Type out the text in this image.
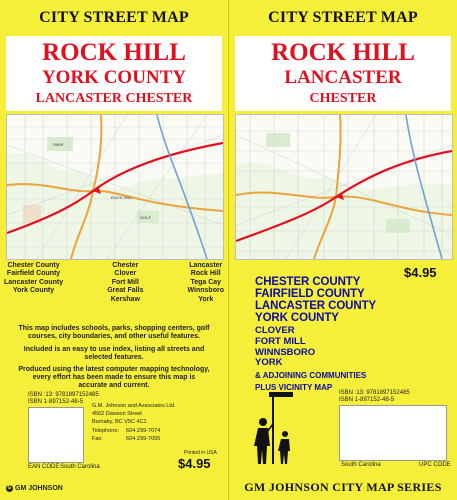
CITY STREET MAP
ROCK HILL
YORK COUNTY
LANCASTER CHESTER
PARK
GOLF
ROCK HILL
Chester County
Fairfield County
Lancaster County
York County
Chester
Clover
Fort Mill
Great Falls
Kershaw
Lancaster
Rock Hill
Tega Cay
Winnsboro
York
This map includes schools, parks, shopping centers, golf courses, city boundaries, and other useful features.
Included is an easy to use index, listing all streets and selected features.
Produced using the latest computer mapping technology, every effort has been made to ensure this map is accurate and current.
ISBN :13: 9781897152485
ISBN 1-897152-48-5
EAN CODE South Carolina
G.M. Johnson and Associates Ltd.
4562 Dawson Street
Burnaby, BC V5C 4C1
Telephone:	604-299-7074
Fax:	604-299-7095
Printed in USA
$4.95
G GM JOHNSON
CITY STREET MAP
ROCK HILL
LANCASTER
CHESTER
$4.95
CHESTER COUNTY
FAIRFIELD COUNTY
LANCASTER COUNTY
YORK COUNTY
CLOVER
FORT MILL
WINNSBORO
YORK
& ADJOINING COMMUNITIES
PLUS VICINITY MAP
ISBN :13: 9781897152485
ISBN 1-897152-48-5
South Carolina	UPC CODE
GM JOHNSON CITY MAP SERIES
